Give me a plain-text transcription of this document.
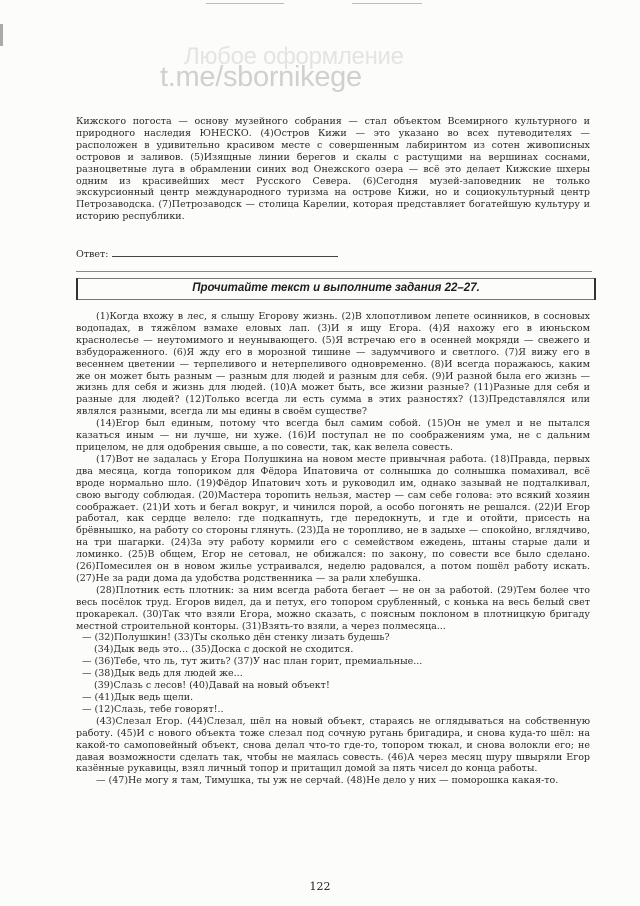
Любое оформление
t.me/sbornikege

Кижского погоста — основу музейного собрания — стал объектом Всемирного культурного и природного наследия ЮНЕСКО. (4)Остров Кижи — это указано во всех путеводителях — расположен в удивительно красивом месте с совершенным лабиринтом из сотен живописных островов и заливов. (5)Изящные линии берегов и скалы с растущими на вершинах соснами, разноцветные луга в обрамлении синих вод Онежского озера — всё это делает Кижские шхеры одним из красивейших мест Русского Севера. (6)Сегодня музей-заповедник не только экскурсионный центр международного туризма на острове Кижи, но и социокультурный центр Петрозаводска. (7)Петрозаводск — столица Карелии, которая представляет богатейшую культуру и историю республики.

Ответ:
Прочитайте текст и выполните задания 22–27.

(1)Когда вхожу в лес, я слышу Егорову жизнь. (2)В хлопотливом лепете осинников, в сосновых водопадах, в тяжёлом взмахе еловых лап. (3)И я ищу Егора. (4)Я нахожу его в июньском краснолесье — неутомимого и неунывающего. (5)Я встречаю его в осенней мокряди — свежего и взбудораженного. (6)Я жду его в морозной тишине — задумчивого и светлого. (7)Я вижу его в весеннем цветении — терпеливого и нетерпеливого одновременно. (8)И всегда поражаюсь, каким же он может быть разным — разным для людей и разным для себя. (9)И разной была его жизнь — жизнь для себя и жизнь для людей. (10)А может быть, все жизни разные? (11)Разные для себя и разные для людей? (12)Только всегда ли есть сумма в этих разностях? (13)Представлялся или являлся разными, всегда ли мы едины в своём существе?

(14)Егор был единым, потому что всегда был самим собой. (15)Он не умел и не пытался казаться иным — ни лучше, ни хуже. (16)И поступал не по соображениям ума, не с дальним прицелом, не для одобрения свыше, а по совести, так, как велела совесть.

(17)Вот не задалась у Егора Полушкина на новом месте привычная работа. (18)Правда, первых два месяца, когда топориком для Фёдора Ипатовича от солнышка до солнышка помахивал, всё вроде нормально шло. (19)Фёдор Ипатович хоть и руководил им, однако зазывай не подталкивал, свою выгоду соблюдая. (20)Мастера торопить нельзя, мастер — сам себе голова: это всякий хозяин соображает. (21)И хоть и бегал вокруг, и чинился порой, а особо погонять не решался. (22)И Егор работал, как сердце велело: где подкапнуть, где передокнуть, и где и отойти, присесть на брёвнышко, на работу со стороны глянуть. (23)Да не торопливо, не в задыхе — спокойно, вглядчиво, на три шагарки. (24)За эту работу кормили его с семейством ежедень, штаны старые дали и ломинко. (25)В общем, Егор не сетовал, не обижался: по закону, по совести все было сделано. (26)Помесилея он в новом жилье устраивался, неделю радовался, а потом пошёл работу искать. (27)Не за ради дома да удобства родственника — за рали хлебушка.

(28)Плотник есть плотник: за ним всегда работа бегает — не он за работой. (29)Тем более что весь посёлок труд. Егоров видел, да и петух, его топором срубленный, с конька на весь белый свет прокарекал. (30)Так что взяли Егора, можно сказать, с поясным поклоном в плотницкую бригаду местной строительной конторы. (31)Взять-то взяли, а через полмесяца...

— (32)Полушкин! (33)Ты сколько дён стенку лизать будешь?

(34)Дык ведь это... (35)Доска с доской не сходится.

— (36)Тебе, что ль, тут жить? (37)У нас план горит, премиальные...

— (38)Дык ведь для людей же...

(39)Слазь с лесов! (40)Давай на новый объект!

— (41)Дык ведь щели.

— (12)Слазь, тебе говорят!..

(43)Слезал Егор. (44)Слезал, шёл на новый объект, стараясь не оглядываться на собственную работу. (45)И с нового объекта тоже слезал под сочную ругань бригадира, и снова куда-то шёл: на какой-то самоповейный объект, снова делал что-то где-то, топором тюкал, и снова волокли его; не давая возможности сделать так, чтобы не маялась совесть. (46)А через месяц шуру швыряли Егор казённые рукавицы, взял личный топор и притащил домой за пять чисел до конца работы.

— (47)Не могу я там, Тимушка, ты уж не серчай. (48)Не дело у них — поморошка какая-то.

122
